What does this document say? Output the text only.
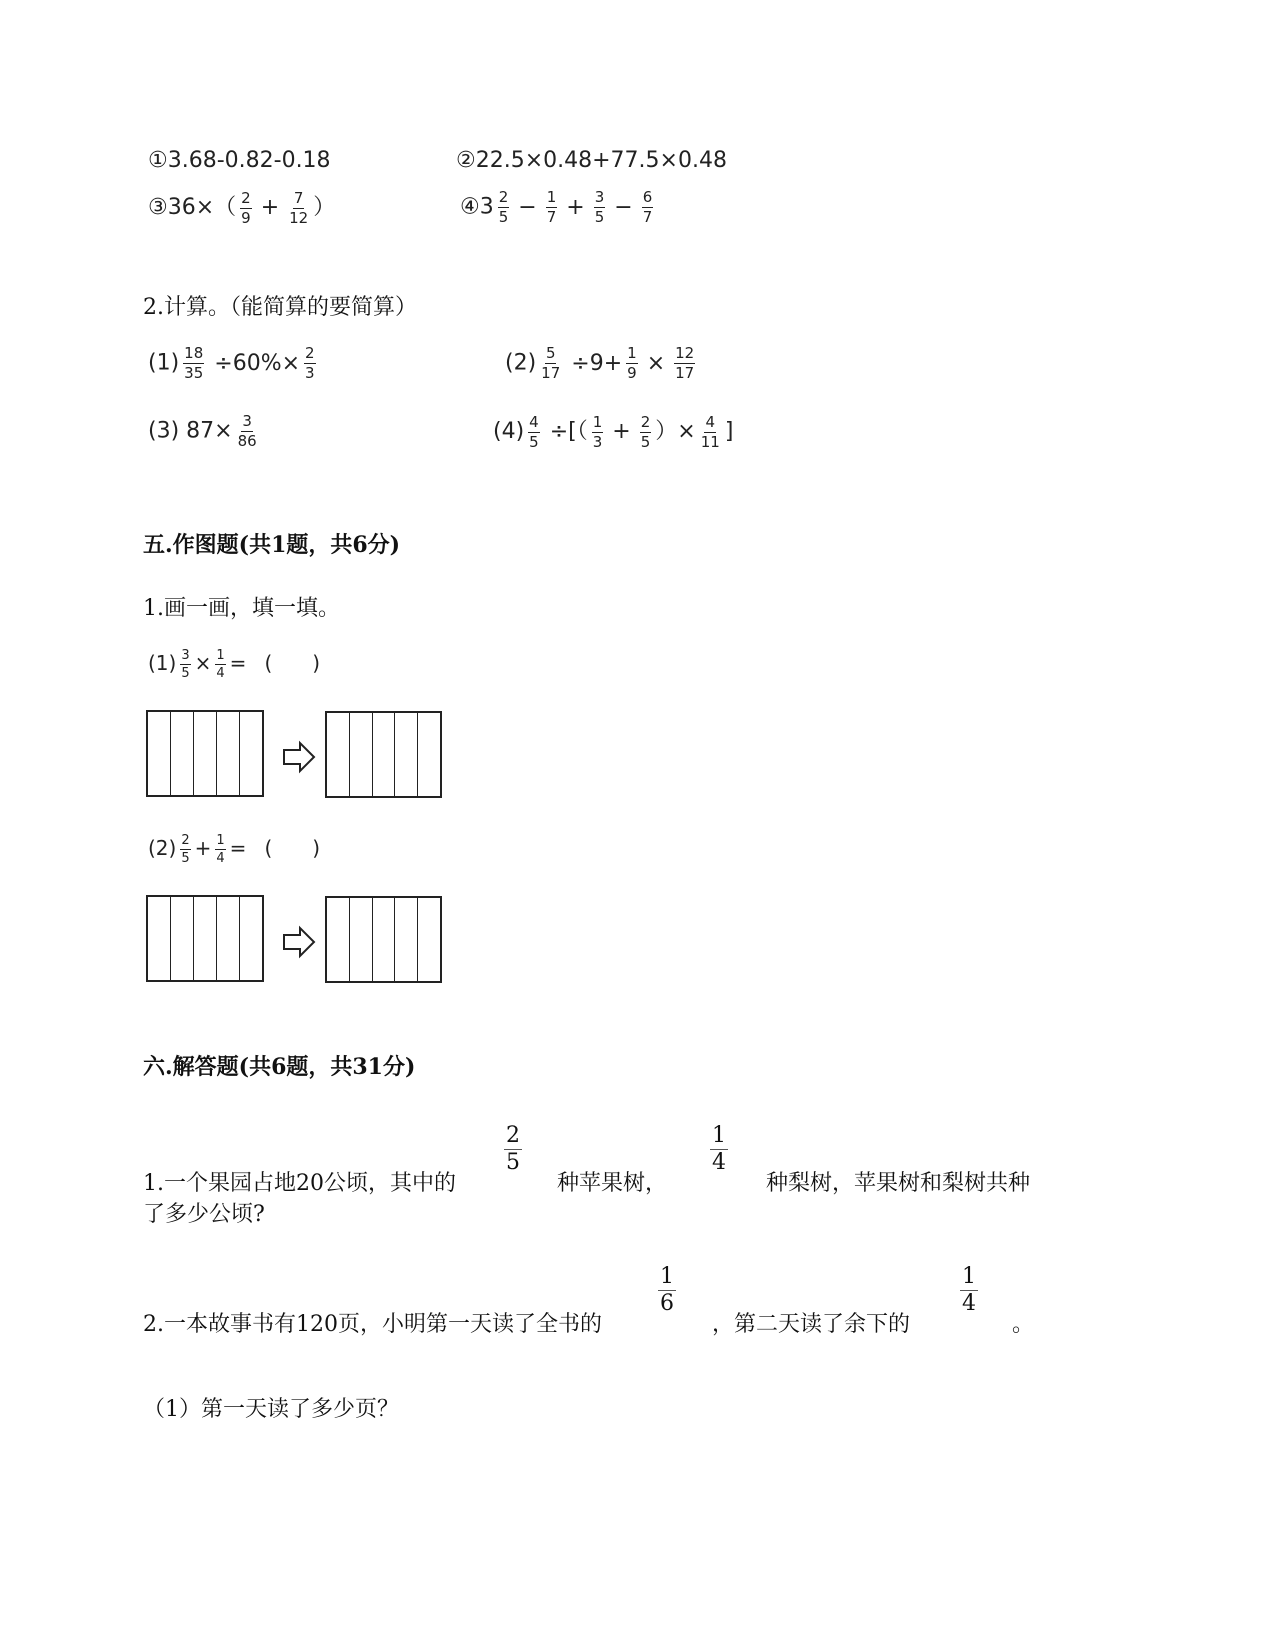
①3.68-0.82-0.18	②22.5×0.48+77.5×0.48
③36×（ $\frac{2}{9} + \frac{7}{12}$ ）	④3 $\frac{2}{5} - \frac{1}{7} + \frac{3}{5} - \frac{6}{7}$
2.计算。（能简算的要简算）
$(1) \frac{18}{35} \div 60\%\times \frac{2}{3}$	$(2) \frac{5}{17} \div 9+ \frac{1}{9} \times \frac{12}{17}$
(3) $87\times \frac{3}{86}$	$(4) \frac{4}{5}$ ÷[（ $\frac{1}{3} + \frac{2}{5}$ ）× $\frac{4}{11}$ ]
五.作图题(共1题，共6分)
1.画一画，填一填。
$(1) \frac{3}{5} \times \frac{1}{4}$ = (　　)
$(2) \frac{2}{5} + \frac{1}{4}$ = (　　)
六.解答题(共6题，共31分)
1.一个果园占地20公顷，其中的
2
5
种苹果树，
1
4
种梨树，苹果树和梨树共种
了多少公顷?
2.一本故事书有120页，小明第一天读了全书的
1
6
，第二天读了余下的
1
4
。
（1）第一天读了多少页？
